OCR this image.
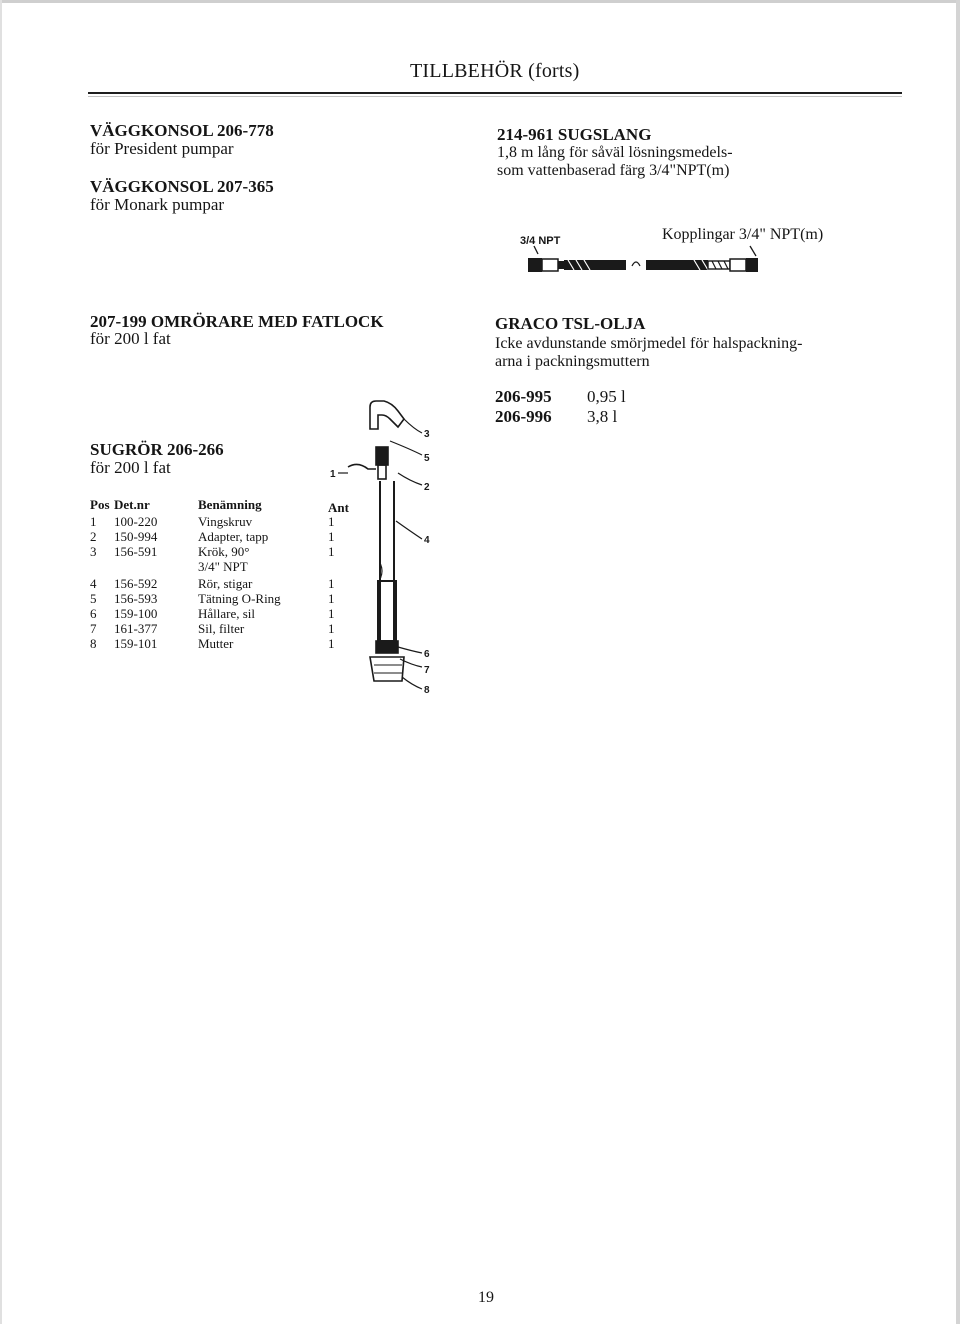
TILLBEHÖR (forts)
VÄGGKONSOL 206-778
för President pumpar
VÄGGKONSOL 207-365
för Monark pumpar
207-199 OMRÖRARE MED FATLOCK
för 200 l fat
SUGRÖR 206-266
för 200 l fat
Pos Det.nr	Benämning	Ant
1 100-220	Vingskruv	1
2 150-994	Adapter, tapp	1
3 156-591	Krök, 90°	1
3/4" NPT
4 156-592	Rör, stigar	1
5 156-593	Tätning O-Ring	1
6 159-100	Hållare, sil	1
7 161-377	Sil, filter	1
8 159-101	Mutter	1
3
5
2
4
6
7
8
1
214-961 SUGSLANG
1,8 m lång för såväl lösningsmedels-
som vattenbaserad färg 3/4"NPT(m)
3/4 NPT	Kopplingar 3/4" NPT(m)
GRACO TSL-OLJA
Icke avdunstande smörjmedel för halspackning-
arna i packningsmuttern
206-995 0,95 l
206-996 3,8 l
19
